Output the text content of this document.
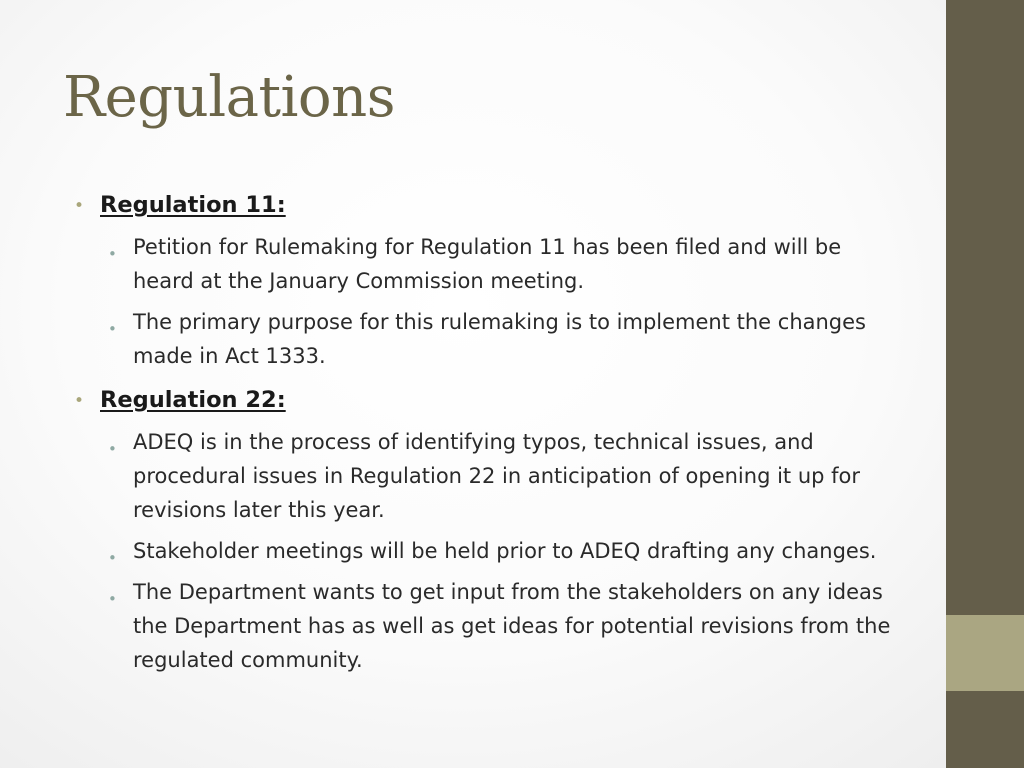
Regulations
• Regulation 11:
• Petition for Rulemaking for Regulation 11 has been filed and will be heard at the January Commission meeting.
• The primary purpose for this rulemaking is to implement the changes made in Act 1333.
• Regulation 22:
• ADEQ is in the process of identifying typos, technical issues, and procedural issues in Regulation 22 in anticipation of opening it up for revisions later this year.
• Stakeholder meetings will be held prior to ADEQ drafting any changes.
• The Department wants to get input from the stakeholders on any ideas the Department has as well as get ideas for potential revisions from the regulated community.
